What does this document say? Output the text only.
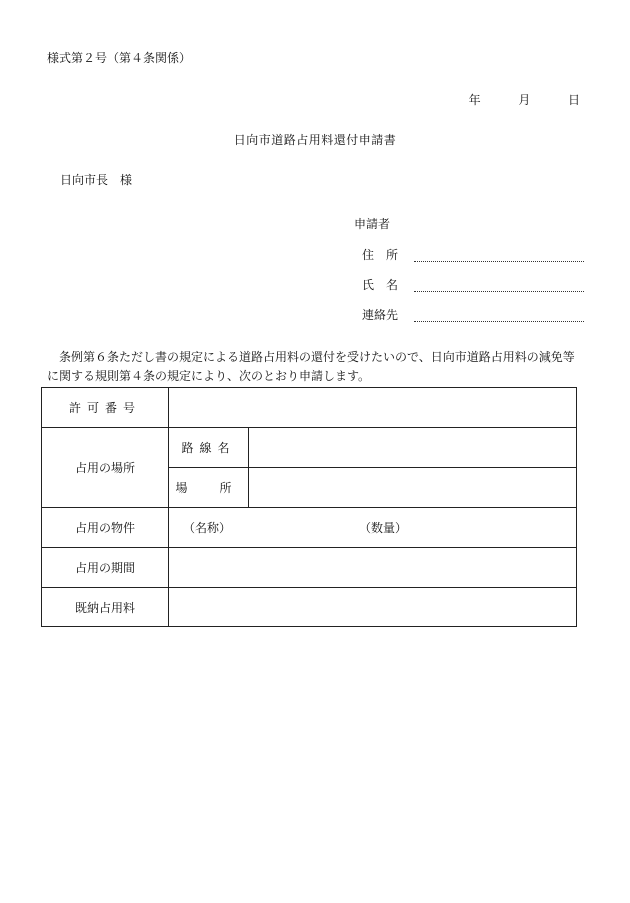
様式第２号（第４条関係）
年	月	日
日向市道路占用料還付申請書
日向市長　様
申請者
住　所
氏　名
連絡先
条例第６条ただし書の規定による道路占用料の還付を受けたいので、日向市道路占用料の減免等
に関する規則第４条の規定により、次のとおり申請します。
許可番号		
占用の場所	路線名	
	場　所	
占用の物件	（名称） （数量）	
占用の期間		
既納占用料		
